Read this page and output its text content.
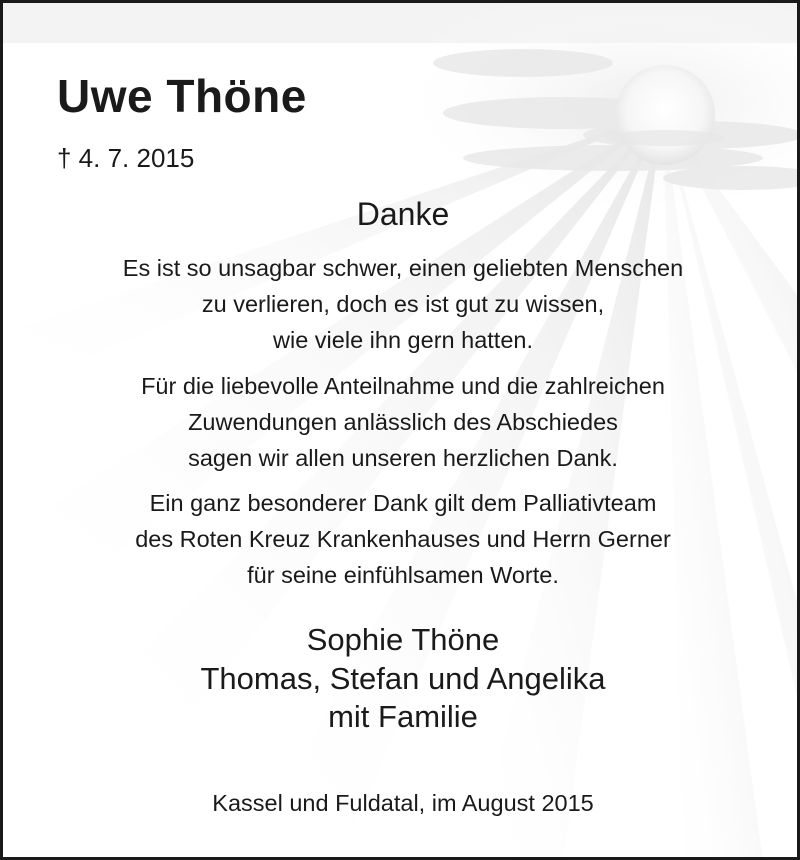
Uwe Thöne
† 4. 7. 2015
Danke
Es ist so unsagbar schwer, einen geliebten Menschen
zu verlieren, doch es ist gut zu wissen,
wie viele ihn gern hatten.
Für die liebevolle Anteilnahme und die zahlreichen
Zuwendungen anlässlich des Abschiedes
sagen wir allen unseren herzlichen Dank.
Ein ganz besonderer Dank gilt dem Palliativteam
des Roten Kreuz Krankenhauses und Herrn Gerner
für seine einfühlsamen Worte.
Sophie Thöne
Thomas, Stefan und Angelika
mit Familie
Kassel und Fuldatal, im August 2015
